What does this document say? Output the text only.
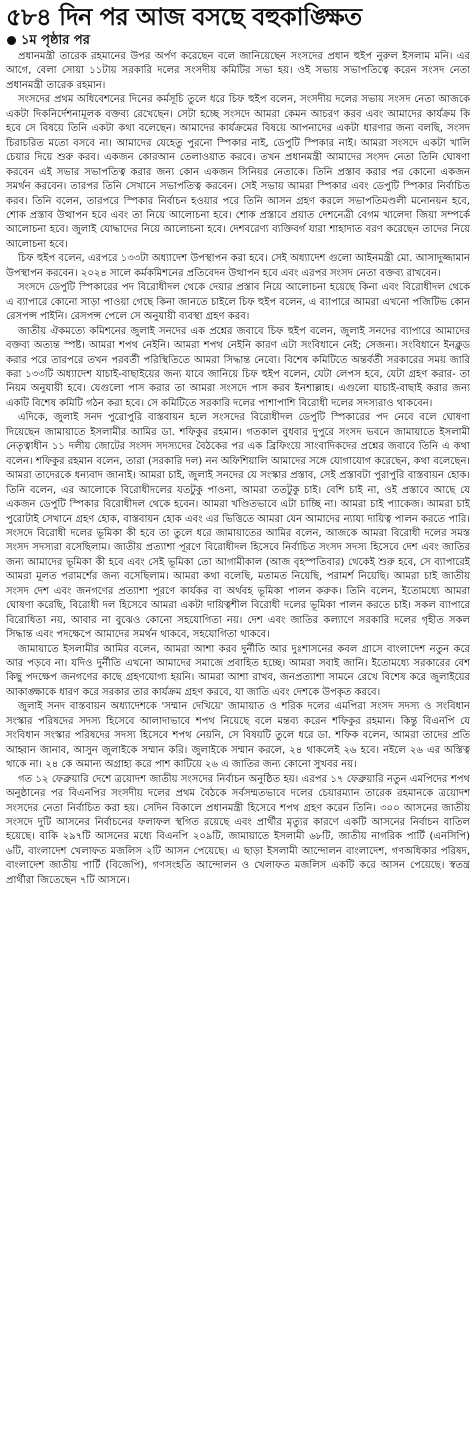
৫৮৪ দিন পর আজ বসছে বহুকাঙ্ক্ষিত
১ম পৃষ্ঠার পর

প্রধানমন্ত্রী তারেক রহমানের উপর অর্পণ করেছেন বলে জানিয়েছেন সংসদের প্রধান হুইপ নুরুল ইসলাম মনি। এর আগে, বেলা সোয়া ১১টায় সরকারি দলের সংসদীয় কমিটির সভা হয়। ওই সভায় সভাপতিত্বে করেন সংসদ নেতা প্রধানমন্ত্রী তারেক রহমান।

সংসদের প্রথম অধিবেশনের দিনের কর্মসূচি তুলে ধরে চিফ হুইপ বলেন, সংসদীয় দলের সভায় সংসদ নেতা আজকে একটা দিকনির্দেশনামূলক বক্তব্য রেখেছেন। সেটা হচ্ছে সংসদে আমরা কেমন আচরণ করব এবং আমাদের কার্যক্রম কি হবে সে বিষয়ে তিনি একটা কথা বলেছেন। আমাদের কার্যক্রমের বিষয়ে আপনাদের একটা ধারণার জন্য বলছি, সংসদ চিরাচরিত মতো বসবে না। আমাদের যেহেতু পুরনো স্পিকার নাই, ডেপুটি স্পিকার নাই। আমরা সংসদে একটা খালি চেয়ার দিয়ে শুরু করব। একজন কোরআন তেলাওয়াত করবে। তখন প্রধানমন্ত্রী আমাদের সংসদ নেতা তিনি ঘোষণা করবেন এই সভার সভাপতিত্ব করার জন্য কোন একজন সিনিয়র নেতাকে। তিনি প্রস্তাব করার পর কোনো একজন সমর্থন করবেন। তারপর তিনি সেখানে সভাপতিত্ব করবেন। সেই সভায় আমরা স্পিকার এবং ডেপুটি স্পিকার নির্বাচিত করব। তিনি বলেন, তারপরে স্পিকার নির্বাচন হওয়ার পরে তিনি আসন গ্রহণ করলে সভাপতিমণ্ডলী মনোনয়ন হবে, শোক প্রস্তাব উত্থাপন হবে এবং তা নিয়ে আলোচনা হবে। শোক প্রস্তাবে প্রয়াত দেশনেত্রী বেগম খালেদা জিয়া সম্পর্কে আলোচনা হবে। জুলাই যোদ্ধাদের নিয়ে আলোচনা হবে। দেশবরেণ্য ব্যক্তিবর্গ যারা শাহাদাত বরণ করেছেন তাদের নিয়ে আলোচনা হবে।

চিফ হুইপ বলেন, এরপরে ১৩৩টা অধ্যাদেশ উপস্থাপন করা হবে। সেই অধ্যাদেশ গুলো আইনমন্ত্রী মো. আসাদুজ্জামান উপস্থাপন করবেন। ২০২৪ সালে কর্মকমিশনের প্রতিবেদন উত্থাপন হবে এবং এরপর সংসদ নেতা বক্তব্য রাখবেন।

সংসদে ডেপুটি স্পিকারের পদ বিরোধীদল থেকে দেয়ার প্রস্তাব নিয়ে আলোচনা হয়েছে কিনা এবং বিরোধীদল থেকে এ ব্যাপারে কোনো সাড়া পাওয়া গেছে কিনা জানতে চাইলে চিফ হুইপ বলেন, এ ব্যাপারে আমরা এখনো পজিটিভ কোন রেসপন্স পাইনি। রেসপন্স পেলে সে অনুযায়ী ব্যবস্থা গ্রহণ করব।

জাতীয় ঐকমত্যে কমিশনের জুলাই সনদের এক প্রশ্নের জবাবে চিফ হুইপ বলেন, জুলাই সনদের ব্যাপারে আমাদের বক্তব্য অত্যন্ত স্পষ্ট। আমরা শপথ নেইনি। আমরা শপথ নেইনি কারণ এটা সংবিধানে নেই; সেজন্য। সংবিধানে ইনক্লুড করার পরে তারপরে তখন পরবর্তী পরিস্থিতিতে আমরা সিদ্ধান্ত নেবো। বিশেষ কমিটিতে অন্তর্বর্তী সরকারের সময় জারি করা ১৩৩টি অধ্যাদেশ যাচাই-বাছাইয়ের জন্য যাবে জানিয়ে চিফ হুইপ বলেন, যেটা লেপস হবে, যেটা গ্রহণ করার- তা নিয়ম অনুযায়ী হবে। যেগুলো পাস করার তা আমরা সংসদে পাস করব ইনশাল্লাহ। এগুলো যাচাই-বাছাই করার জন্য একটি বিশেষ কমিটি গঠন করা হবে। সে কমিটিতে সরকারি দলের পাশাপাশি বিরোধী দলের সদস্যরাও থাকবেন।

এদিকে, জুলাই সনদ পুরোপুরি বাস্তবায়ন হলে সংসদের বিরোধীদল ডেপুটি স্পিকারের পদ নেবে বলে ঘোষণা দিয়েছেন জামায়াতে ইসলামীর আমির ডা. শফিকুর রহমান। গতকাল বুধবার দুপুরে সংসদ ভবনে জামায়াতে ইসলামী নেতৃত্বাধীন ১১ দলীয় জোটের সংসদ সদস্যদের বৈঠকের পর এক ব্রিফিংয়ে সাংবাদিকদের প্রশ্নের জবাবে তিনি এ কথা বলেন। শফিকুর রহমান বলেন, তারা (সরকারি দল) নন অফিশিয়ালি আমাদের সঙ্গে যোগাযোগ করেছেন, কথা বলেছেন। আমরা তাদেরকে ধন্যবাদ জানাই। আমরা চাই, জুলাই সনদের যে সংস্কার প্রস্তাব, সেই প্রস্তাবটা পুরাপুরি বাস্তবায়ন হোক। তিনি বলেন, এর আলোকে বিরোধীদলের যতটুকু পাওনা, আমরা ততটুকু চাই। বেশি চাই না, ওই প্রস্তাবে আছে যে একজন ডেপুটি স্পিকার বিরোধীদল থেকে হবেন। আমরা খণ্ডিতভাবে এটা চাচ্ছি না। আমরা চাই প্যাকেজ। আমরা চাই পুরোটাই সেখানে গ্রহণ হোক, বাস্তবায়ন হোক এবং এর ভিত্তিতে আমরা যেন আমাদের ন্যায্য দায়িত্ব পালন করতে পারি। সংসদে বিরোধী দলের ভূমিকা কী হবে তা তুলে ধরে জামায়াতের আমির বলেন, আজকে আমরা বিরোধী দলের সমস্ত সংসদ সদস্যরা বসেছিলাম। জাতীয় প্রত্যাশা পূরণে বিরোধীদল হিসেবে নির্বাচিত সংসদ সদস্য হিসেবে দেশ এবং জাতির জন্য আমাদের ভূমিকা কী হবে এবং সেই ভূমিকা তো আগামীকাল (আজ বৃহস্পতিবার) থেকেই শুরু হবে, সে ব্যাপারেই আমরা মূলত পরামর্শের জন্য বসেছিলাম। আমরা কথা বলেছি, মতামত নিয়েছি, পরামর্শ নিয়েছি। আমরা চাই জাতীয় সংসদ দেশ এবং জনগণের প্রত্যাশা পূরণে কার্যকর বা অর্থবহ ভূমিকা পালন করুক। তিনি বলেন, ইতোমধ্যে আমরা ঘোষণা করেছি, বিরোধী দল হিসেবে আমরা একটা দায়িত্বশীল বিরোধী দলের ভূমিকা পালন করতে চাই। সকল ব্যাপারে বিরোধিতা নয়, আবার না বুঝেও কোনো সহযোগিতা নয়। দেশ এবং জাতির কল্যাণে সরকারি দলের গৃহীত সকল সিদ্ধান্ত এবং পদক্ষেপে আমাদের সমর্থন থাকবে, সহযোগিতা থাকবে।

জামায়াতে ইসলামীর আমির বলেন, আমরা আশা করব দুর্নীতি আর দুঃশাসনের কবল গ্রাসে বাংলাদেশ নতুন করে আর পড়বে না। যদিও দুর্নীতি এখনো আমাদের সমাজে প্রবাহিত হচ্ছে। আমরা সবাই জানি। ইতোমধ্যে সরকারের বেশ কিছু পদক্ষেপ জনগণের কাছে গ্রহণযোগ্য হয়নি। আমরা আশা রাখব, জনপ্রত্যাশা সামনে রেখে বিশেষ করে জুলাইয়ের আকাঙ্ক্ষাকে ধারণ করে সরকার তার কার্যক্রম গ্রহণ করবে, যা জাতি এবং দেশকে উপকৃত করবে।

জুলাই সনদ বাস্তবায়ন অধ্যাদেশকে 'সম্মান দেখিয়ে' জামায়াত ও শরিক দলের এমপিরা সংসদ সদস্য ও সংবিধান সংস্কার পরিষদের সদস্য হিসেবে আলাদাভাবে শপথ নিয়েছে বলে মন্তব্য করেন শফিকুর রহমান। কিন্তু বিএনপি যে সংবিধান সংস্কার পরিষদের সদস্য হিসেবে শপথ নেয়নি, সে বিষয়টি তুলে ধরে ডা. শফিক বলেন, আমরা তাদের প্রতি আহ্বান জানাব, আসুন জুলাইকে সম্মান করি। জুলাইকে সম্মান করলে, ২৪ থাকলেই ২৬ হবে। নইলে ২৬ এর অস্তিত্ব থাকে না। ২৪ কে অমান্য অগ্রাহ্য করে পাশ কাটিয়ে ২৬ এ জাতির জন্য কোনো সুখবর নয়।

গত ১২ ফেব্রুয়ারি দেশে ত্রয়োদশ জাতীয় সংসদের নির্বাচন অনুষ্ঠিত হয়। এরপর ১৭ ফেব্রুয়ারি নতুন এমপিদের শপথ অনুষ্ঠানের পর বিএনপির সংসদীয় দলের প্রথম বৈঠকে সর্বসম্মতভাবে দলের চেয়ারম্যান তারেক রহমানকে ত্রয়োদশ সংসদের নেতা নির্বাচিত করা হয়। সেদিন বিকালে প্রধানমন্ত্রী হিসেবে শপথ গ্রহণ করেন তিনি। ৩০০ আসনের জাতীয় সংসদে দুটি আসনের নির্বাচনের ফলাফল স্থগিত রয়েছে এবং প্রার্থীর মৃত্যুর কারণে একটি আসনের নির্বাচন বাতিল হয়েছে। বাকি ২৯৭টি আসনের মধ্যে বিএনপি ২০৯টি, জামায়াতে ইসলামী ৬৮টি, জাতীয় নাগরিক পার্টি (এনসিপি) ৬টি, বাংলাদেশ খেলাফত মজলিস ২টি আসন পেয়েছে। এ ছাড়া ইসলামী আন্দোলন বাংলাদেশ, গণঅধিকার পরিষদ, বাংলাদেশ জাতীয় পার্টি (বিজেপি), গণসংহতি আন্দোলন ও খেলাফত মজলিস একটি করে আসন পেয়েছে। স্বতন্ত্র প্রার্থীরা জিতেছেন ৭টি আসনে।
